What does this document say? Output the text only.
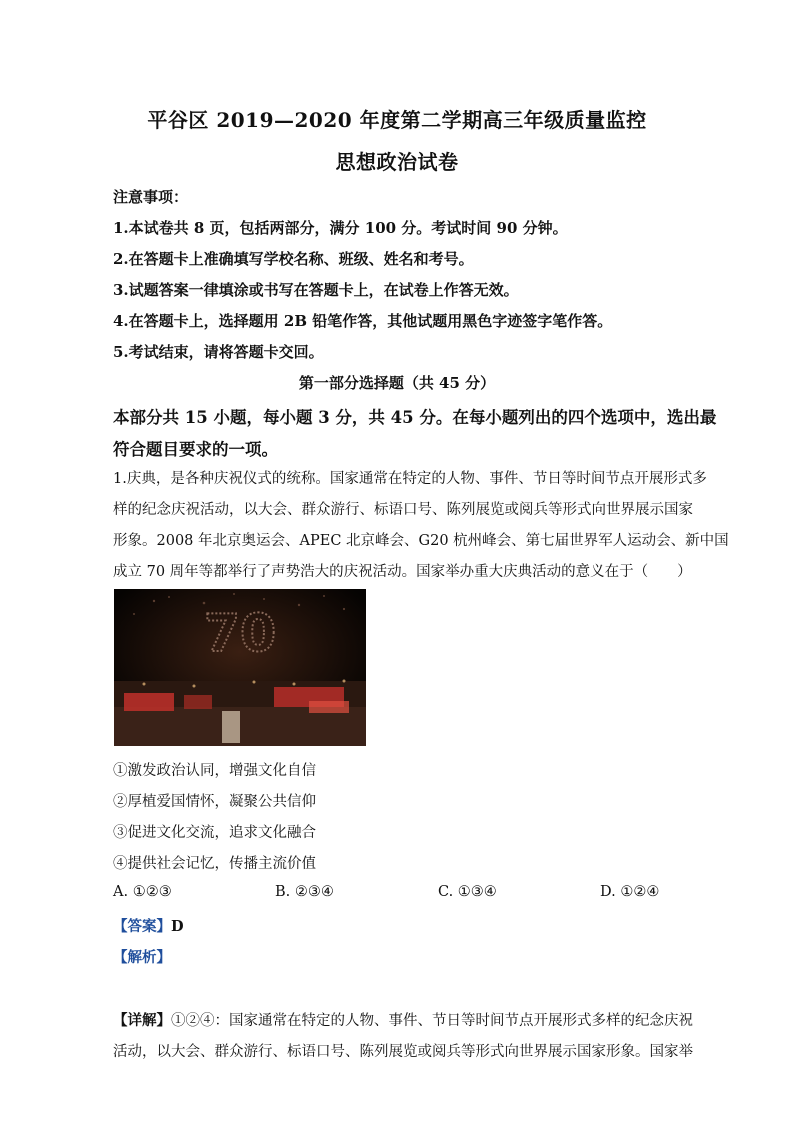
平谷区 2019—2020 年度第二学期高三年级质量监控
思想政治试卷
注意事项：
1.本试卷共 8 页，包括两部分，满分 100 分。考试时间 90 分钟。
2.在答题卡上准确填写学校名称、班级、姓名和考号。
3.试题答案一律填涂或书写在答题卡上，在试卷上作答无效。
4.在答题卡上，选择题用 2B 铅笔作答，其他试题用黑色字迹签字笔作答。
5.考试结束，请将答题卡交回。
第一部分选择题（共 45 分）
本部分共 15 小题，每小题 3 分，共 45 分。在每小题列出的四个选项中，选出最
符合题目要求的一项。
1.庆典，是各种庆祝仪式的统称。国家通常在特定的人物、事件、节日等时间节点开展形式多
样的纪念庆祝活动，以大会、群众游行、标语口号、陈列展览或阅兵等形式向世界展示国家
形象。2008 年北京奥运会、APEC 北京峰会、G20 杭州峰会、第七届世界军人运动会、新中国
成立 70 周年等都举行了声势浩大的庆祝活动。国家举办重大庆典活动的意义在于（　　）
70
①激发政治认同，增强文化自信
②厚植爱国情怀，凝聚公共信仰
③促进文化交流，追求文化融合
④提供社会记忆，传播主流价值
A. ①②③	B. ②③④	C. ①③④	D. ①②④
【答案】D
【解析】
【详解】①②④：国家通常在特定的人物、事件、节日等时间节点开展形式多样的纪念庆祝
活动，以大会、群众游行、标语口号、陈列展览或阅兵等形式向世界展示国家形象。国家举
